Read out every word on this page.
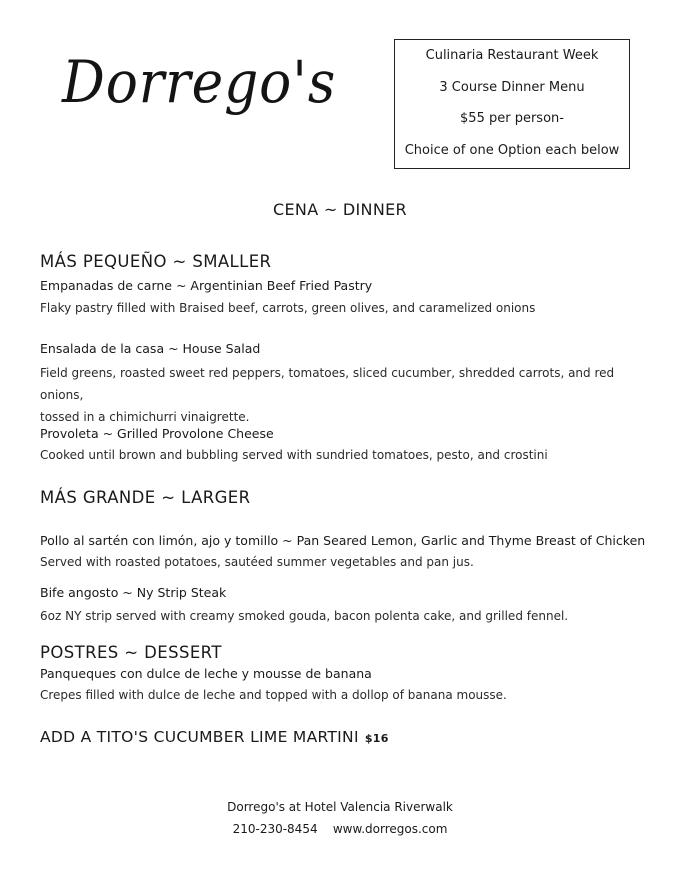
Dorrego's	Culinaria Restaurant Week
3 Course Dinner Menu
$55 per person-
Choice of one Option each below
CENA ~ DINNER
MÁS PEQUEÑO ~ SMALLER
Empanadas de carne ~ Argentinian Beef Fried Pastry
Flaky pastry filled with Braised beef, carrots, green olives, and caramelized onions
Ensalada de la casa ~ House Salad
Field greens, roasted sweet red peppers, tomatoes, sliced cucumber, shredded carrots, and red onions,
tossed in a chimichurri vinaigrette.
Provoleta ~ Grilled Provolone Cheese
Cooked until brown and bubbling served with sundried tomatoes, pesto, and crostini
MÁS GRANDE ~ LARGER
Pollo al sartén con limón, ajo y tomillo ~ Pan Seared Lemon, Garlic and Thyme Breast of Chicken
Served with roasted potatoes, sautéed summer vegetables and pan jus.
Bife angosto ~ Ny Strip Steak
6oz NY strip served with creamy smoked gouda, bacon polenta cake, and grilled fennel.
POSTRES ~ DESSERT
Panqueques con dulce de leche y mousse de banana
Crepes filled with dulce de leche and topped with a dollop of banana mousse.
ADD A TITO'S CUCUMBER LIME MARTINI $16
Dorrego's at Hotel Valencia Riverwalk
210-230-8454 www.dorregos.com
